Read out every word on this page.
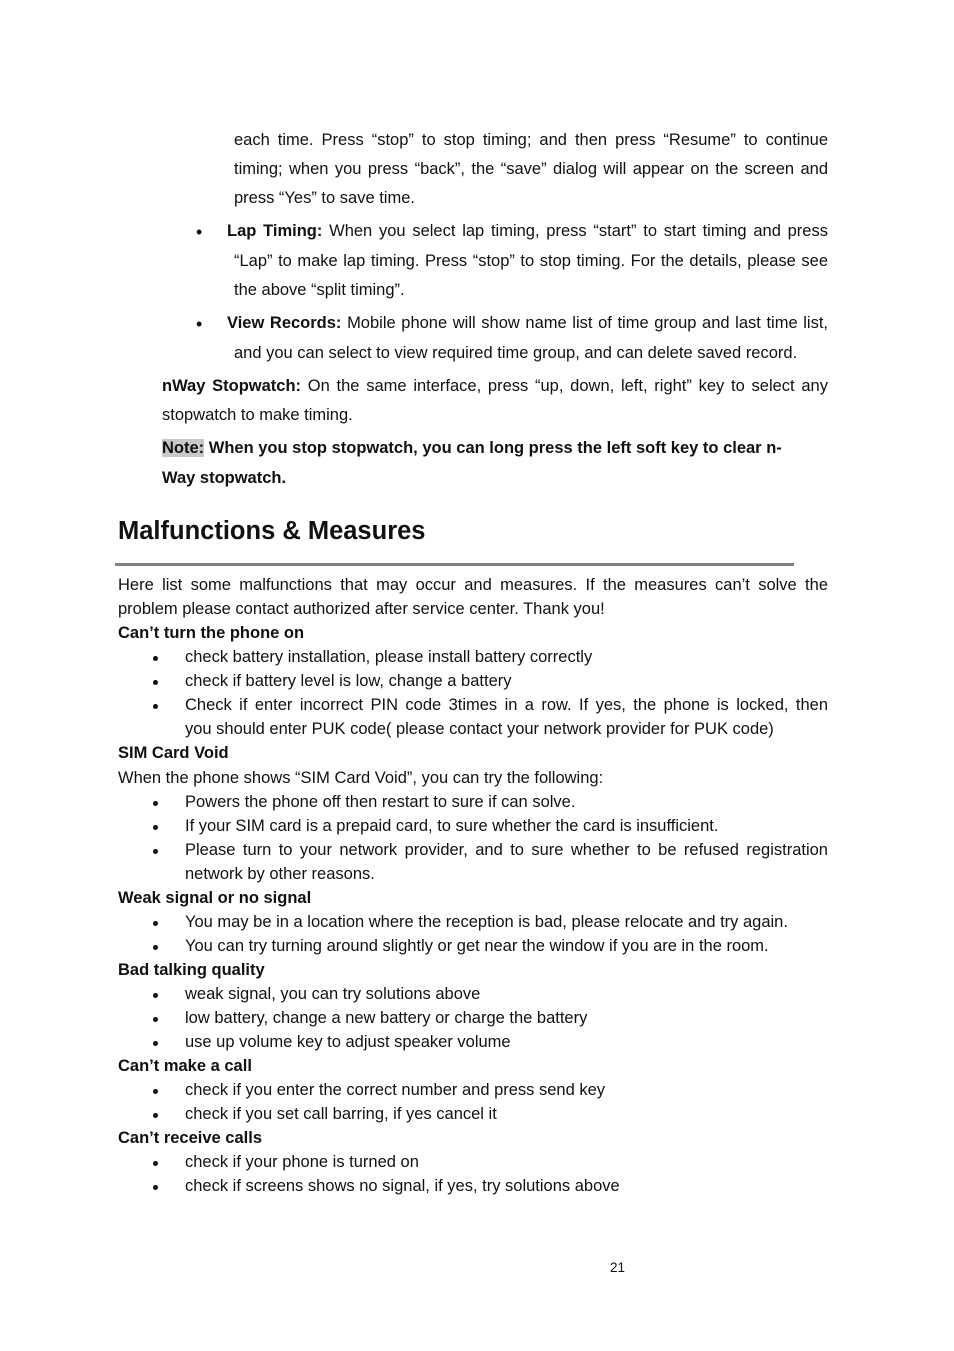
each time. Press “stop” to stop timing; and then press “Resume” to continue
timing; when you press “back”, the “save” dialog will appear on the screen and
press “Yes” to save time.
• Lap Timing: When you select lap timing, press “start” to start timing and press
“Lap” to make lap timing. Press “stop” to stop timing. For the details, please see
the above “split timing”.
• View Records: Mobile phone will show name list of time group and last time list,
and you can select to view required time group, and can delete saved record.
nWay Stopwatch: On the same interface, press “up, down, left, right” key to select any
stopwatch to make timing.
Note: When you stop stopwatch, you can long press the left soft key to clear n-
Way stopwatch.
Malfunctions & Measures
Here list some malfunctions that may occur and measures. If the measures can’t solve the
problem please contact authorized after service center. Thank you!
Can’t turn the phone on
check battery installation, please install battery correctly
check if battery level is low, change a battery
Check if enter incorrect PIN code 3times in a row. If yes, the phone is locked, then
you should enter PUK code( please contact your network provider for PUK code)
SIM Card Void
When the phone shows “SIM Card Void”, you can try the following:
Powers the phone off then restart to sure if can solve.
If your SIM card is a prepaid card, to sure whether the card is insufficient.
Please turn to your network provider, and to sure whether to be refused registration
network by other reasons.
Weak signal or no signal
You may be in a location where the reception is bad, please relocate and try again.
You can try turning around slightly or get near the window if you are in the room.
Bad talking quality
weak signal, you can try solutions above
low battery, change a new battery or charge the battery
use up volume key to adjust speaker volume
Can’t make a call
check if you enter the correct number and press send key
check if you set call barring, if yes cancel it
Can’t receive calls
check if your phone is turned on
check if screens shows no signal, if yes, try solutions above
21
